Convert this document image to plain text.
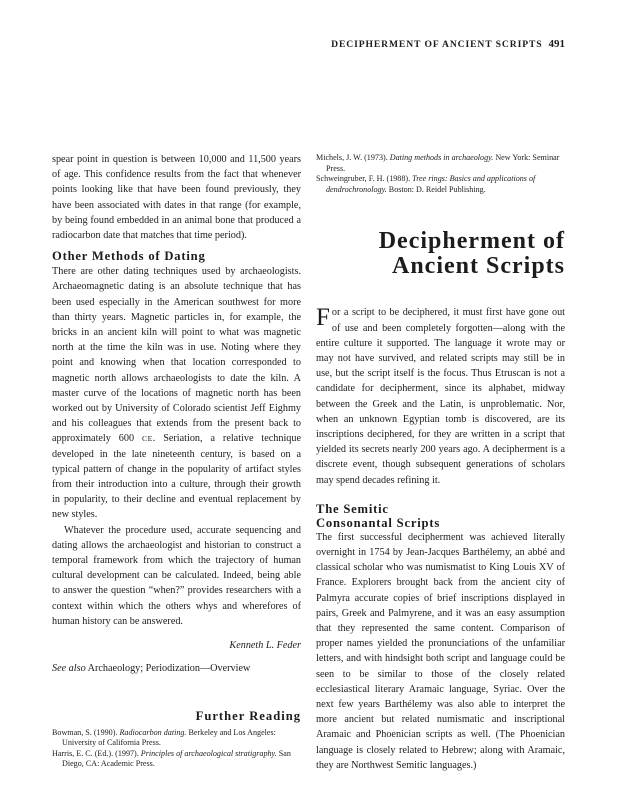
DECIPHERMENT OF ANCIENT SCRIPTS 491

spear point in question is between 10,000 and 11,500 years of age. This confidence results from the fact that whenever points looking like that have been found previously, they have been associated with dates in that range (for example, by being found embedded in an animal bone that produced a radiocarbon date that matches that time period).

Other Methods of Dating

There are other dating techniques used by archaeologists. Archaeomagnetic dating is an absolute technique that has been used especially in the American southwest for more than thirty years. Magnetic particles in, for example, the bricks in an ancient kiln will point to what was magnetic north at the time the kiln was in use. Noting where they point and knowing when that location corresponded to magnetic north allows archaeologists to date the kiln. A master curve of the locations of magnetic north has been worked out by University of Colorado scientist Jeff Eighmy and his colleagues that extends from the present back to approximately 600 CE. Seriation, a relative technique developed in the late nineteenth century, is based on a typical pattern of change in the popularity of artifact styles from their introduction into a culture, through their growth in popularity, to their decline and eventual replacement by new styles.

Whatever the procedure used, accurate sequencing and dating allows the archaeologist and historian to construct a temporal framework from which the trajectory of human cultural development can be calculated. Indeed, being able to answer the question “when?” provides researchers with a context within which the others whys and wherefores of human history can be answered.

Kenneth L. Feder

See also Archaeology; Periodization—Overview

Further Reading

Bowman, S. (1990). Radiocarbon dating. Berkeley and Los Angeles: University of California Press.

Harris, E. C. (Ed.). (1997). Principles of archaeological stratigraphy. San Diego, CA: Academic Press.

Michels, J. W. (1973). Dating methods in archaeology. New York: Seminar Press.

Schweingruber, F. H. (1988). Tree rings: Basics and applications of dendrochronology. Boston: D. Reidel Publishing.

Decipherment of
Ancient Scripts

For a script to be deciphered, it must first have gone out of use and been completely forgotten—along with the entire culture it supported. The language it wrote may or may not have survived, and related scripts may still be in use, but the script itself is the focus. Thus Etruscan is not a candidate for decipherment, since its alphabet, midway between the Greek and the Latin, is unproblematic. Nor, when an unknown Egyptian tomb is discovered, are its inscriptions deciphered, for they are written in a script that yielded its secrets nearly 200 years ago. A decipherment is a discrete event, though subsequent generations of scholars may spend decades refining it.

The Semitic
Consonantal Scripts

The first successful decipherment was achieved literally overnight in 1754 by Jean-Jacques Barthélemy, an abbé and classical scholar who was numismatist to King Louis XV of France. Explorers brought back from the ancient city of Palmyra accurate copies of brief inscriptions displayed in pairs, Greek and Palmyrene, and it was an easy assumption that they represented the same content. Comparison of proper names yielded the pronunciations of the unfamiliar letters, and with hindsight both script and language could be seen to be similar to those of the closely related ecclesiastical literary Aramaic language, Syriac. Over the next few years Barthélemy was also able to interpret the more ancient but related numismatic and inscriptional Aramaic and Phoenician scripts as well. (The Phoenician language is closely related to Hebrew; along with Aramaic, they are Northwest Semitic languages.)
